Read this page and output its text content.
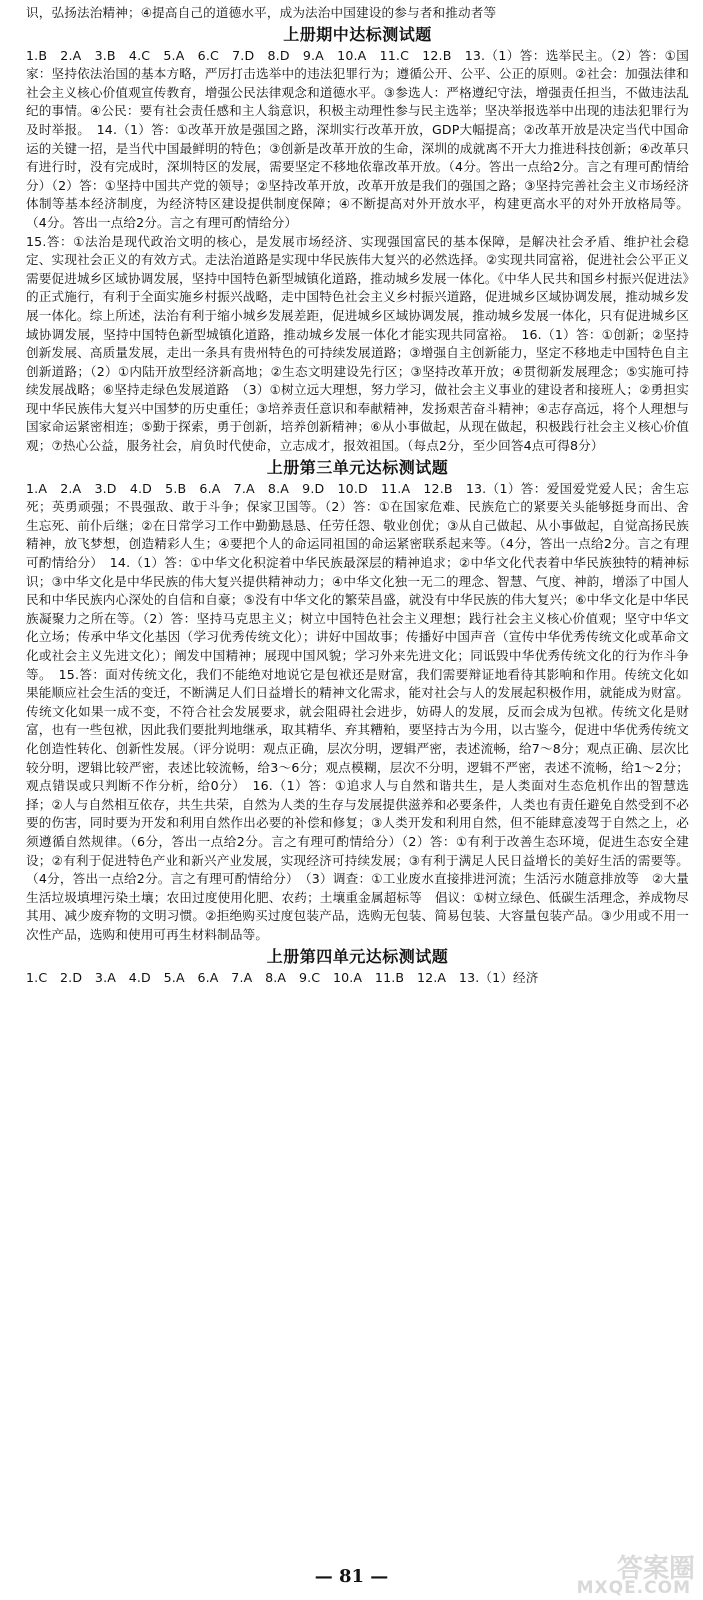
识，弘扬法治精神；④提高自己的道德水平，成为法治中国建设的参与者和推动者等

上册期中达标测试题

1.B　2.A　3.B　4.C　5.A　6.C　7.D　8.D　9.A　10.A　11.C　12.B　13.（1）答：选举民主。（2）答：①国家：坚持依法治国的基本方略，严厉打击选举中的违法犯罪行为；遵循公开、公平、公正的原则。②社会：加强法律和社会主义核心价值观宣传教育，增强公民法律观念和道德水平。③参选人：严格遵纪守法，增强责任担当，不做违法乱纪的事情。④公民：要有社会责任感和主人翁意识，积极主动理性参与民主选举；坚决举报选举中出现的违法犯罪行为及时举报。　14.（1）答：①改革开放是强国之路，深圳实行改革开放，GDP大幅提高；②改革开放是决定当代中国命运的关键一招，是当代中国最鲜明的特色；③创新是改革开放的生命，深圳的成就离不开大力推进科技创新；④改革只有进行时，没有完成时，深圳特区的发展，需要坚定不移地依靠改革开放。（4分。答出一点给2分。言之有理可酌情给分）（2）答：①坚持中国共产党的领导；②坚持改革开放，改革开放是我们的强国之路；③坚持完善社会主义市场经济体制等基本经济制度，为经济特区建设提供制度保障；④不断提高对外开放水平，构建更高水平的对外开放格局等。（4分。答出一点给2分。言之有理可酌情给分）

15.答：①法治是现代政治文明的核心，是发展市场经济、实现强国富民的基本保障，是解决社会矛盾、维护社会稳定、实现社会正义的有效方式。走法治道路是实现中华民族伟大复兴的必然选择。②实现共同富裕，促进社会公平正义需要促进城乡区域协调发展，坚持中国特色新型城镇化道路，推动城乡发展一体化。《中华人民共和国乡村振兴促进法》的正式施行，有利于全面实施乡村振兴战略，走中国特色社会主义乡村振兴道路，促进城乡区域协调发展，推动城乡发展一体化。综上所述，法治有利于缩小城乡发展差距，促进城乡区域协调发展，推动城乡发展一体化，只有促进城乡区域协调发展，坚持中国特色新型城镇化道路，推动城乡发展一体化才能实现共同富裕。　16.（1）答：①创新；②坚持创新发展、高质量发展，走出一条具有贵州特色的可持续发展道路；③增强自主创新能力，坚定不移地走中国特色自主创新道路；（2）①内陆开放型经济新高地；②生态文明建设先行区；③坚持改革开放；④贯彻新发展理念；⑤实施可持续发展战略；⑥坚持走绿色发展道路　（3）①树立远大理想，努力学习，做社会主义事业的建设者和接班人；②勇担实现中华民族伟大复兴中国梦的历史重任；③培养责任意识和奉献精神，发扬艰苦奋斗精神；④志存高远，将个人理想与国家命运紧密相连；⑤勤于探索，勇于创新，培养创新精神；⑥从小事做起，从现在做起，积极践行社会主义核心价值观；⑦热心公益，服务社会，肩负时代使命，立志成才，报效祖国。（每点2分，至少回答4点可得8分）

上册第三单元达标测试题

1.A　2.A　3.D　4.D　5.B　6.A　7.A　8.A　9.D　10.D　11.A　12.B　13.（1）答：爱国爱党爱人民；舍生忘死；英勇顽强；不畏强敌、敢于斗争；保家卫国等。（2）答：①在国家危难、民族危亡的紧要关头能够挺身而出、舍生忘死、前仆后继；②在日常学习工作中勤勤恳恳、任劳任怨、敬业创优；③从自己做起、从小事做起，自觉高扬民族精神，放飞梦想，创造精彩人生；④要把个人的命运同祖国的命运紧密联系起来等。（4分，答出一点给2分。言之有理可酌情给分）　14.（1）答：①中华文化积淀着中华民族最深层的精神追求；②中华文化代表着中华民族独特的精神标识；③中华文化是中华民族的伟大复兴提供精神动力；④中华文化独一无二的理念、智慧、气度、神韵，增添了中国人民和中华民族内心深处的自信和自豪；⑤没有中华文化的繁荣昌盛，就没有中华民族的伟大复兴；⑥中华文化是中华民族凝聚力之所在等。（2）答：坚持马克思主义；树立中国特色社会主义理想；践行社会主义核心价值观；坚守中华文化立场；传承中华文化基因（学习优秀传统文化）；讲好中国故事；传播好中国声音（宣传中华优秀传统文化或革命文化或社会主义先进文化）；阐发中国精神；展现中国风貌；学习外来先进文化；同诋毁中华优秀传统文化的行为作斗争等。　15.答：面对传统文化，我们不能绝对地说它是包袱还是财富，我们需要辩证地看待其影响和作用。传统文化如果能顺应社会生活的变迁，不断满足人们日益增长的精神文化需求，能对社会与人的发展起积极作用，就能成为财富。传统文化如果一成不变，不符合社会发展要求，就会阻碍社会进步，妨碍人的发展，反而会成为包袱。传统文化是财富，也有一些包袱，因此我们要批判地继承，取其精华、弃其糟粕，要坚持古为今用，以古鉴今，促进中华优秀传统文化创造性转化、创新性发展。（评分说明：观点正确，层次分明，逻辑严密，表述流畅，给7～8分；观点正确、层次比较分明，逻辑比较严密，表述比较流畅，给3～6分；观点模糊，层次不分明，逻辑不严密，表述不流畅，给1～2分；观点错误或只判断不作分析，给0分）　16.（1）答：①追求人与自然和谐共生，是人类面对生态危机作出的智慧选择；②人与自然相互依存，共生共荣，自然为人类的生存与发展提供滋养和必要条件，人类也有责任避免自然受到不必要的伤害，同时要为开发和利用自然作出必要的补偿和修复；③人类开发和利用自然，但不能肆意凌驾于自然之上，必须遵循自然规律。（6分，答出一点给2分。言之有理可酌情给分）（2）答：①有利于改善生态环境，促进生态安全建设；②有利于促进特色产业和新兴产业发展，实现经济可持续发展；③有利于满足人民日益增长的美好生活的需要等。（4分，答出一点给2分。言之有理可酌情给分）　（3）调查：①工业废水直接排进河流；生活污水随意排放等　②大量生活垃圾填埋污染土壤；农田过度使用化肥、农药；土壤重金属超标等　倡议：①树立绿色、低碳生活理念，养成物尽其用、减少废弃物的文明习惯。②拒绝购买过度包装产品，选购无包装、简易包装、大容量包装产品。③少用或不用一次性产品，选购和使用可再生材料制品等。

上册第四单元达标测试题

1.C　2.D　3.A　4.D　5.A　6.A　7.A　8.A　9.C　10.A　11.B　12.A　13.（1）经济

— 81 —	答案圈
MXQE.COM
